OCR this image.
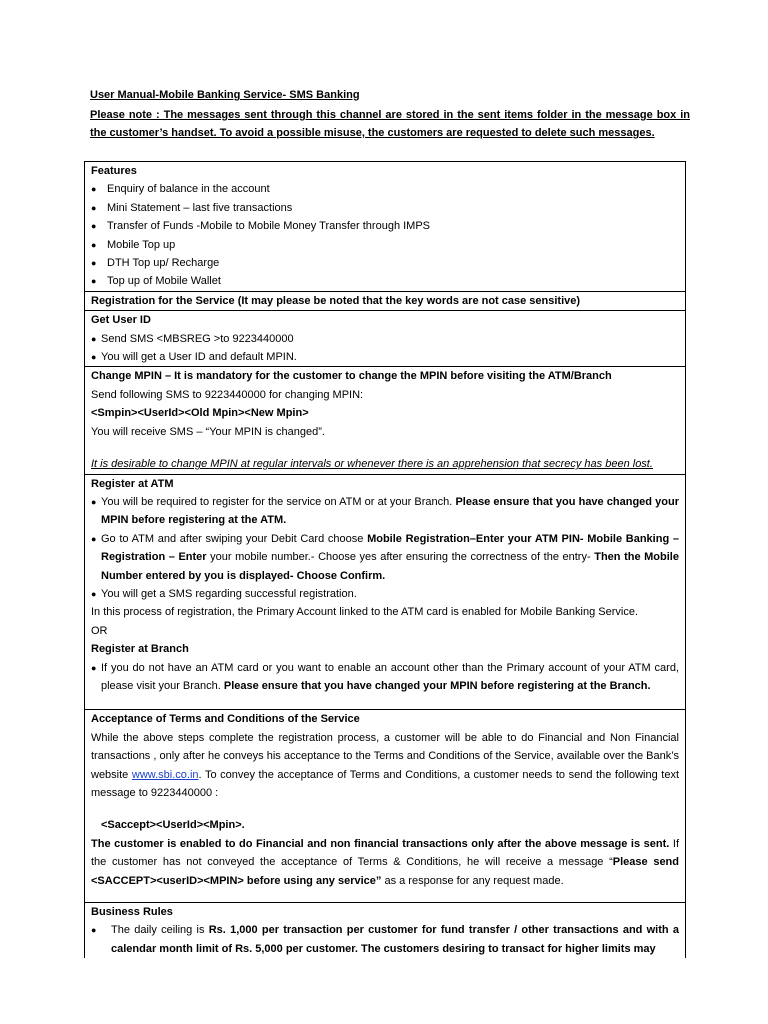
User Manual-Mobile Banking Service- SMS Banking
Please note : The messages sent through this channel are stored in the sent items folder in the message box in the customer’s handset. To avoid a possible misuse, the customers are requested to delete such messages.
Features
● Enquiry of balance in the account
● Mini Statement – last five transactions
● Transfer of Funds -Mobile to Mobile Money Transfer through IMPS
● Mobile Top up
● DTH Top up/ Recharge
● Top up of Mobile Wallet

Registration for the Service (It may please be noted that the key words are not case sensitive)

Get User ID
● Send SMS <MBSREG >to 9223440000
● You will get a User ID and default MPIN.

Change MPIN – It is mandatory for the customer to change the MPIN before visiting the ATM/Branch
Send following SMS to 9223440000 for changing MPIN:
<Smpin><UserId><Old Mpin><New Mpin>
You will receive SMS – “Your MPIN is changed”.
It is desirable to change MPIN at regular intervals or whenever there is an apprehension that secrecy has been lost.

Register at ATM
● You will be required to register for the service on ATM or at your Branch. Please ensure that you have changed your MPIN before registering at the ATM.
● Go to ATM and after swiping your Debit Card choose Mobile Registration–Enter your ATM PIN- Mobile Banking – Registration – Enter your mobile number.- Choose yes after ensuring the correctness of the entry- Then the Mobile Number entered by you is displayed- Choose Confirm.
● You will get a SMS regarding successful registration.
In this process of registration, the Primary Account linked to the ATM card is enabled for Mobile Banking Service.
OR
Register at Branch
● If you do not have an ATM card or you want to enable an account other than the Primary account of your ATM card, please visit your Branch. Please ensure that you have changed your MPIN before registering at the Branch.

Acceptance of Terms and Conditions of the Service
While the above steps complete the registration process, a customer will be able to do Financial and Non Financial transactions , only after he conveys his acceptance to the Terms and Conditions of the Service, available over the Bank’s website www.sbi.co.in. To convey the acceptance of Terms and Conditions, a customer needs to send the following text message to 9223440000 :
<Saccept><UserId><Mpin>.
The customer is enabled to do Financial and non financial transactions only after the above message is sent. If the customer has not conveyed the acceptance of Terms & Conditions, he will receive a message “Please send <SACCEPT><userID><MPIN> before using any service” as a response for any request made.

Business Rules
● The daily ceiling is Rs. 1,000 per transaction per customer for fund transfer / other transactions and with a calendar month limit of Rs. 5,000 per customer. The customers desiring to transact for higher limits may
